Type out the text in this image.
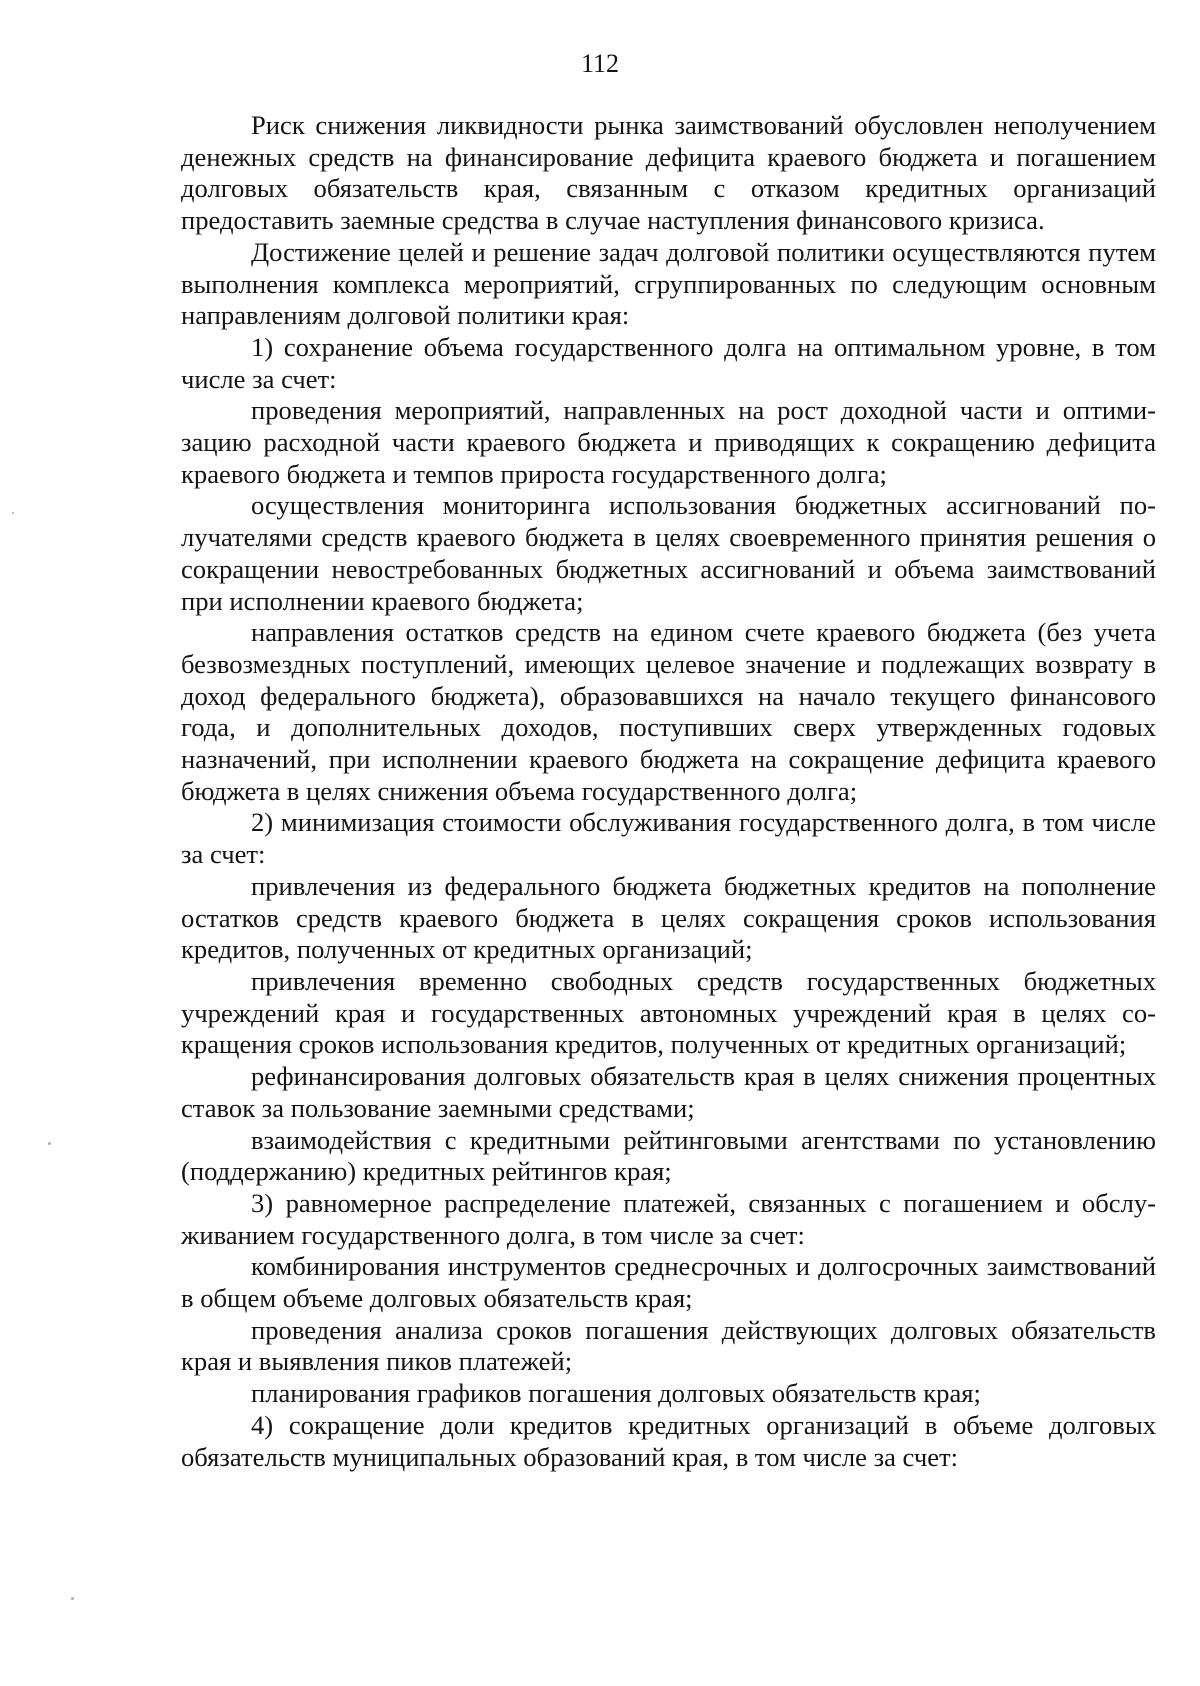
112

Риск снижения ликвидности рынка заимствований обусловлен неполучением денежных средств на финансирование дефицита краевого бюджета и погашением долговых обязательств края, связанным с отказом кредитных организаций предоставить заемные средства в случае наступления финансового кризиса.

Достижение целей и решение задач долговой политики осуществляются путем выполнения комплекса мероприятий, сгруппированных по следующим основным направлениям долговой политики края:

1) сохранение объема государственного долга на оптимальном уровне, в том числе за счет:

проведения мероприятий, направленных на рост доходной части и оптимизацию расходной части краевого бюджета и приводящих к сокращению дефицита краевого бюджета и темпов прироста государственного долга;

осуществления мониторинга использования бюджетных ассигнований получателями средств краевого бюджета в целях своевременного принятия решения о сокращении невостребованных бюджетных ассигнований и объема заимствований при исполнении краевого бюджета;

направления остатков средств на едином счете краевого бюджета (без учета безвозмездных поступлений, имеющих целевое значение и подлежащих возврату в доход федерального бюджета), образовавшихся на начало текущего финансового года, и дополнительных доходов, поступивших сверх утвержденных годовых назначений, при исполнении краевого бюджета на сокращение дефицита краевого бюджета в целях снижения объема государственного долга;

2) минимизация стоимости обслуживания государственного долга, в том числе за счет:

привлечения из федерального бюджета бюджетных кредитов на пополнение остатков средств краевого бюджета в целях сокращения сроков использования кредитов, полученных от кредитных организаций;

привлечения временно свободных средств государственных бюджетных учреждений края и государственных автономных учреждений края в целях сокращения сроков использования кредитов, полученных от кредитных организаций;

рефинансирования долговых обязательств края в целях снижения процентных ставок за пользование заемными средствами;

взаимодействия с кредитными рейтинговыми агентствами по установлению (поддержанию) кредитных рейтингов края;

3) равномерное распределение платежей, связанных с погашением и обслуживанием государственного долга, в том числе за счет:

комбинирования инструментов среднесрочных и долгосрочных заимствований в общем объеме долговых обязательств края;

проведения анализа сроков погашения действующих долговых обязательств края и выявления пиков платежей;

планирования графиков погашения долговых обязательств края;

4) сокращение доли кредитов кредитных организаций в объеме долговых обязательств муниципальных образований края, в том числе за счет:
